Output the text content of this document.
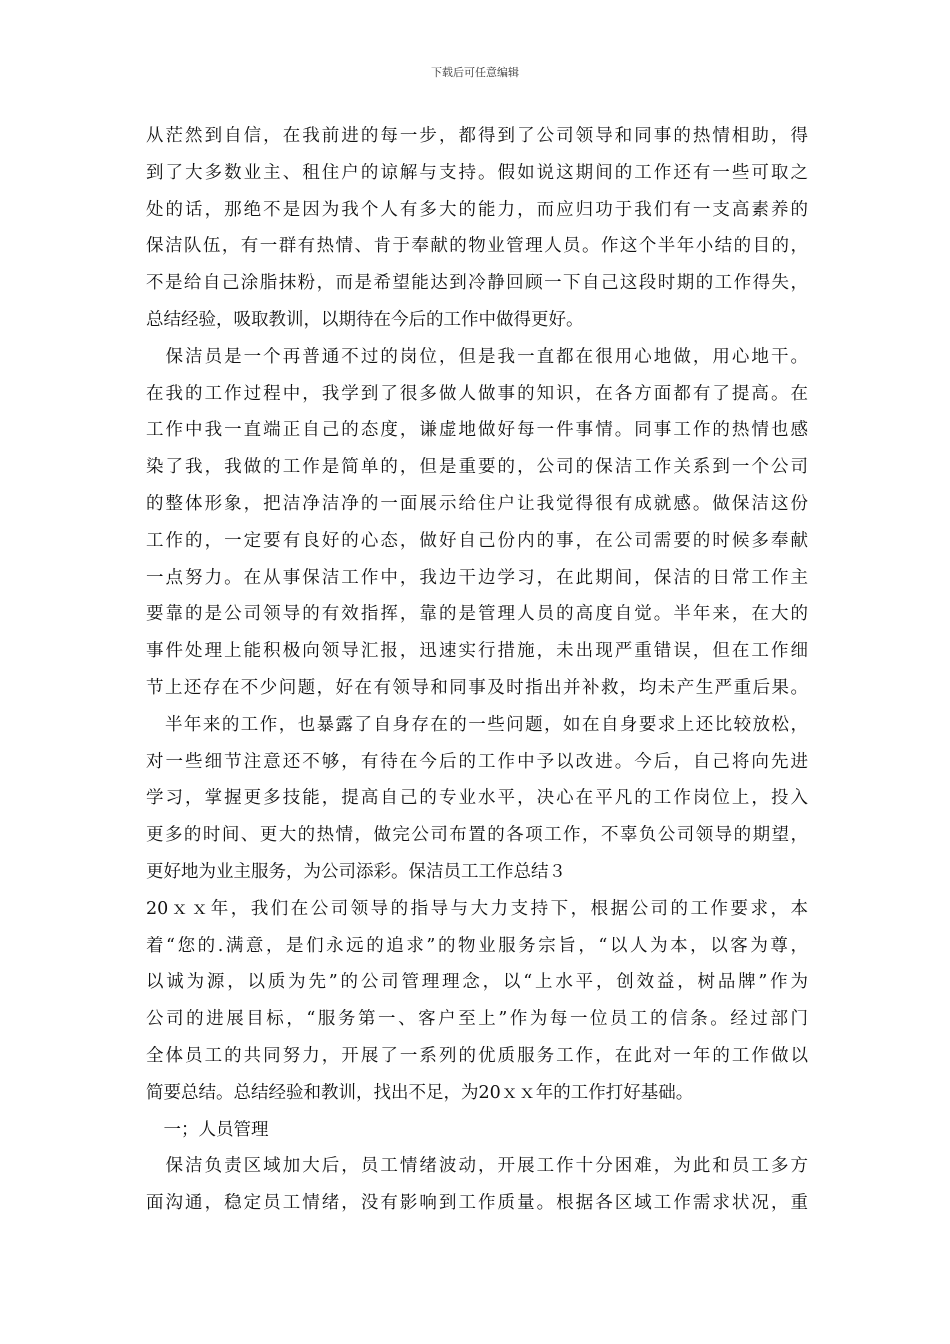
下载后可任意编辑
从茫然到自信，在我前进的每一步，都得到了公司领导和同事的热情相助，得
到了大多数业主、租住户的谅解与支持。假如说这期间的工作还有一些可取之
处的话，那绝不是因为我个人有多大的能力，而应归功于我们有一支高素养的
保洁队伍，有一群有热情、肯于奉献的物业管理人员。作这个半年小结的目的，
不是给自己涂脂抹粉，而是希望能达到冷静回顾一下自己这段时期的工作得失，
总结经验，吸取教训，以期待在今后的工作中做得更好。
　保洁员是一个再普通不过的岗位，但是我一直都在很用心地做，用心地干。
在我的工作过程中，我学到了很多做人做事的知识，在各方面都有了提高。在
工作中我一直端正自己的态度，谦虚地做好每一件事情。同事工作的热情也感
染了我，我做的工作是简单的，但是重要的，公司的保洁工作关系到一个公司
的整体形象，把洁净洁净的一面展示给住户让我觉得很有成就感。做保洁这份
工作的，一定要有良好的心态，做好自己份内的事，在公司需要的时候多奉献
一点努力。在从事保洁工作中，我边干边学习，在此期间，保洁的日常工作主
要靠的是公司领导的有效指挥，靠的是管理人员的高度自觉。半年来，在大的
事件处理上能积极向领导汇报，迅速实行措施，未出现严重错误，但在工作细
节上还存在不少问题，好在有领导和同事及时指出并补救，均未产生严重后果。
　半年来的工作，也暴露了自身存在的一些问题，如在自身要求上还比较放松，
对一些细节注意还不够，有待在今后的工作中予以改进。今后，自己将向先进
学习，掌握更多技能，提高自己的专业水平，决心在平凡的工作岗位上，投入
更多的时间、更大的热情，做完公司布置的各项工作，不辜负公司领导的期望，
更好地为业主服务，为公司添彩。保洁员工工作总结３
20ｘｘ年，我们在公司领导的指导与大力支持下，根据公司的工作要求，本
着“您的.满意，是们永远的追求”的物业服务宗旨，“以人为本，以客为尊，
以诚为源，以质为先”的公司管理理念，以“上水平，创效益，树品牌”作为
公司的进展目标，“服务第一、客户至上”作为每一位员工的信条。经过部门
全体员工的共同努力，开展了一系列的优质服务工作，在此对一年的工作做以
简要总结。总结经验和教训，找出不足，为20ｘｘ年的工作打好基础。
　一；人员管理
　保洁负责区域加大后，员工情绪波动，开展工作十分困难，为此和员工多方
面沟通，稳定员工情绪，没有影响到工作质量。根据各区域工作需求状况，重
